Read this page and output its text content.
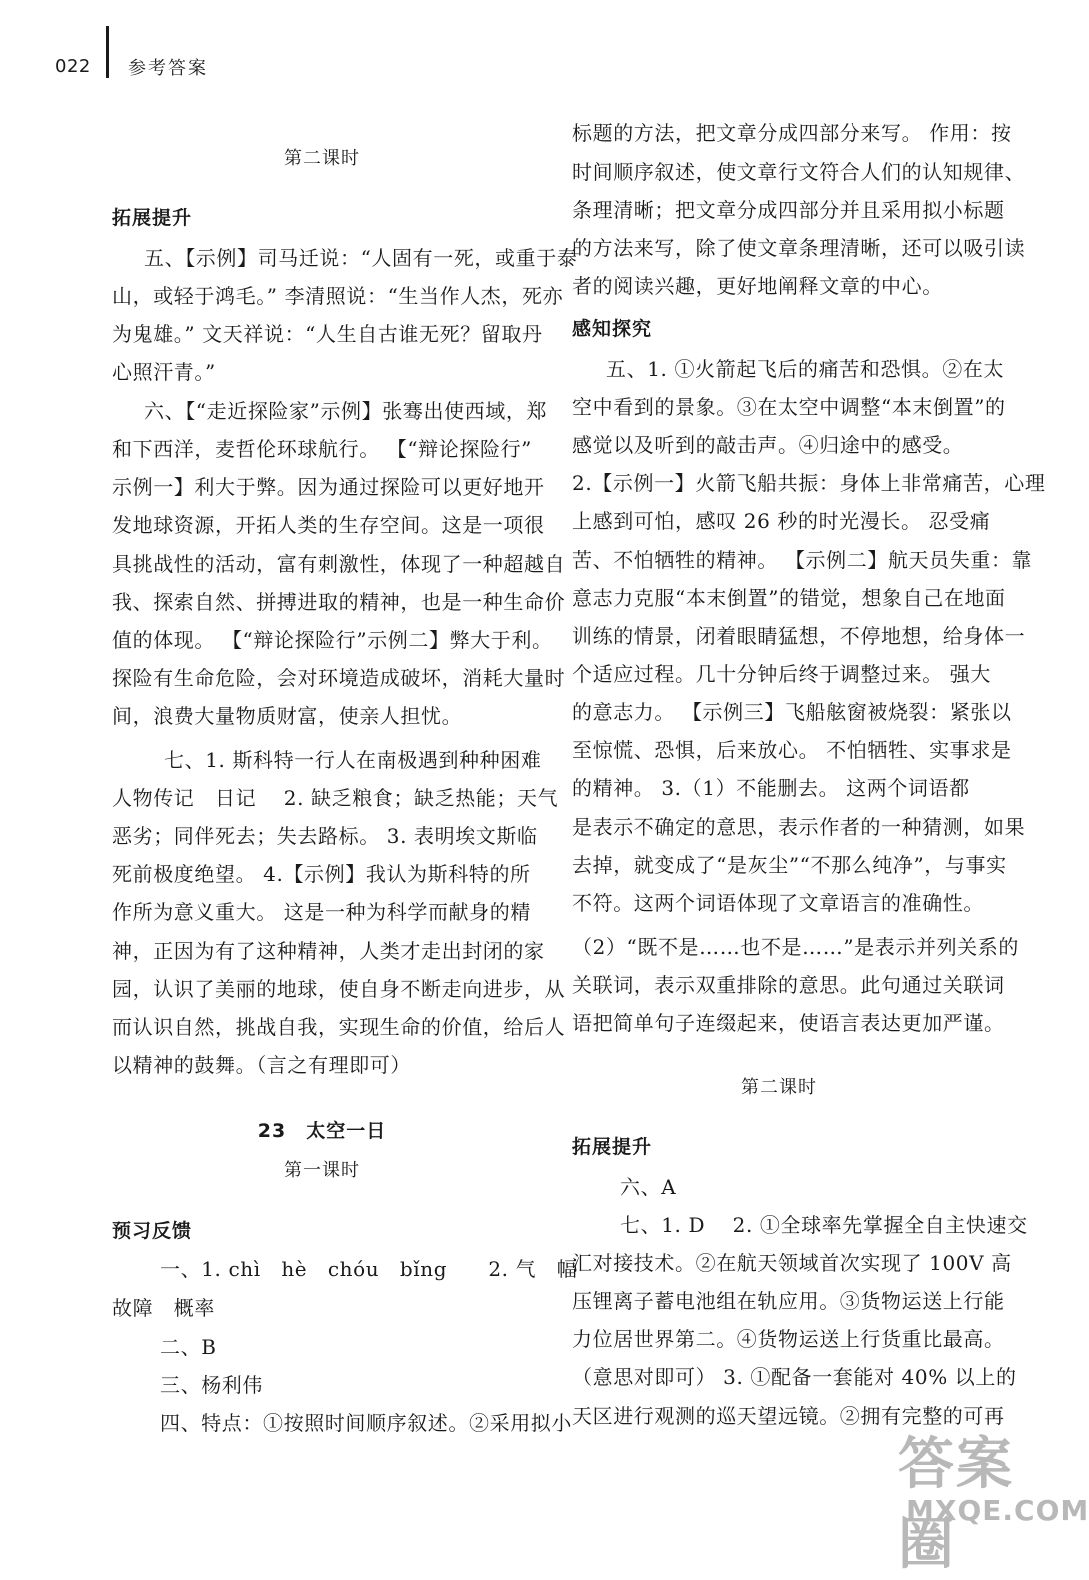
022 参考答案
第二课时
拓展提升
五、【示例】司马迁说：“人固有一死，或重于泰
山，或轻于鸿毛。” 李清照说：“生当作人杰，死亦
为鬼雄。” 文天祥说：“人生自古谁无死？留取丹
心照汗青。”
六、【“走近探险家”示例】张骞出使西域，郑
和下西洋，麦哲伦环球航行。 【“辩论探险行”
示例一】利大于弊。因为通过探险可以更好地开
发地球资源，开拓人类的生存空间。这是一项很
具挑战性的活动，富有刺激性，体现了一种超越自
我、探索自然、拼搏进取的精神，也是一种生命价
值的体现。 【“辩论探险行”示例二】弊大于利。
探险有生命危险，会对环境造成破坏，消耗大量时
间，浪费大量物质财富，使亲人担忧。
七、1. 斯科特一行人在南极遇到种种困难
人物传记　日记　 2. 缺乏粮食；缺乏热能；天气
恶劣；同伴死去；失去路标。 3. 表明埃文斯临
死前极度绝望。 4.【示例】我认为斯科特的所
作所为意义重大。 这是一种为科学而献身的精
神，正因为有了这种精神，人类才走出封闭的家
园，认识了美丽的地球，使自身不断走向进步，从
而认识自然，挑战自我，实现生命的价值，给后人
以精神的鼓舞。（言之有理即可）
23　太空一日
第一课时
预习反馈
一、1. chì　hè　chóu　bǐng　　2. 气　幅
故障　概率
二、B
三、杨利伟
四、特点：①按照时间顺序叙述。②采用拟小
标题的方法，把文章分成四部分来写。 作用：按
时间顺序叙述，使文章行文符合人们的认知规律、
条理清晰；把文章分成四部分并且采用拟小标题
的方法来写，除了使文章条理清晰，还可以吸引读
者的阅读兴趣，更好地阐释文章的中心。
感知探究
五、1. ①火箭起飞后的痛苦和恐惧。②在太
空中看到的景象。③在太空中调整“本末倒置”的
感觉以及听到的敲击声。④归途中的感受。
2.【示例一】火箭飞船共振：身体上非常痛苦，心理
上感到可怕，感叹 26 秒的时光漫长。 忍受痛
苦、不怕牺牲的精神。 【示例二】航天员失重：靠
意志力克服“本末倒置”的错觉，想象自己在地面
训练的情景，闭着眼睛猛想，不停地想，给身体一
个适应过程。几十分钟后终于调整过来。 强大
的意志力。 【示例三】飞船舷窗被烧裂：紧张以
至惊慌、恐惧，后来放心。 不怕牺牲、实事求是
的精神。 3.（1）不能删去。 这两个词语都
是表示不确定的意思，表示作者的一种猜测，如果
去掉，就变成了“是灰尘”“不那么纯净”，与事实
不符。这两个词语体现了文章语言的准确性。
（2）“既不是……也不是……”是表示并列关系的
关联词，表示双重排除的意思。此句通过关联词
语把简单句子连缀起来，使语言表达更加严谨。
第二课时
拓展提升
六、A
七、1. D　 2. ①全球率先掌握全自主快速交
汇对接技术。②在航天领域首次实现了 100V 高
压锂离子蓄电池组在轨应用。③货物运送上行能
力位居世界第二。④货物运送上行货重比最高。
（意思对即可） 3. ①配备一套能对 40% 以上的
天区进行观测的巡天望远镜。②拥有完整的可再
答案圈
MXQE.COM
